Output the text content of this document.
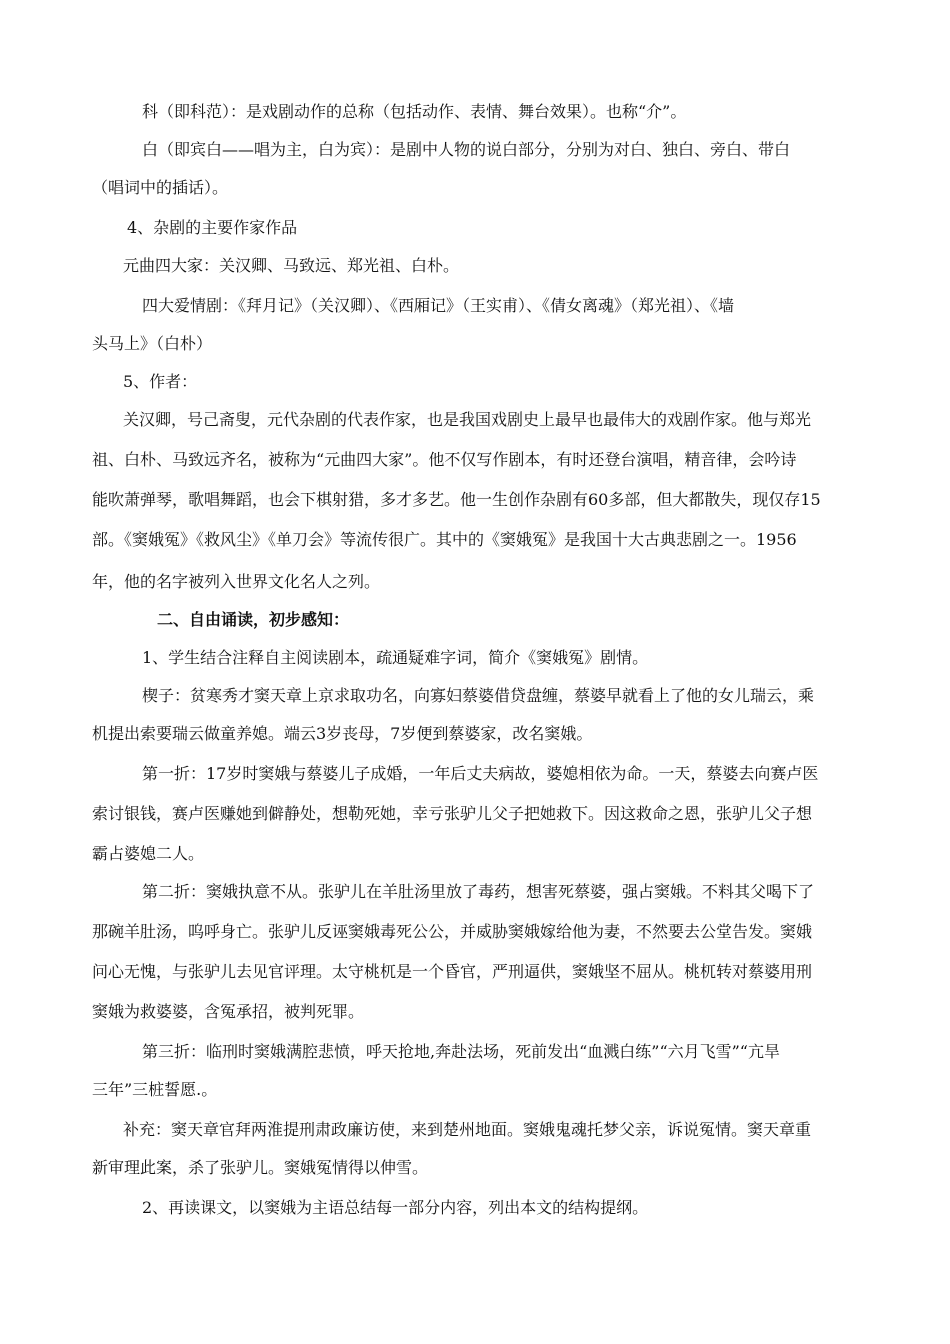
科（即科范）：是戏剧动作的总称（包括动作、表情、舞台效果）。也称“介”。
白（即宾白——唱为主，白为宾）：是剧中人物的说白部分，分别为对白、独白、旁白、带白
（唱词中的插话）。
4、杂剧的主要作家作品
元曲四大家：关汉卿、马致远、郑光祖、白朴。
四大爱情剧：《拜月记》（关汉卿）、《西厢记》（王实甫）、《倩女离魂》（郑光祖）、《墙
头马上》（白朴）
5、作者：
关汉卿，号己斋叟，元代杂剧的代表作家，也是我国戏剧史上最早也最伟大的戏剧作家。他与郑光
祖、白朴、马致远齐名，被称为“元曲四大家”。他不仅写作剧本，有时还登台演唱，精音律，会吟诗
能吹萧弹琴，歌唱舞蹈，也会下棋射猎，多才多艺。他一生创作杂剧有60多部，但大都散失，现仅存15
部。《窦娥冤》《救风尘》《单刀会》等流传很广。其中的《窦娥冤》是我国十大古典悲剧之一。1956
年，他的名字被列入世界文化名人之列。
二、自由诵读，初步感知：
1、学生结合注释自主阅读剧本，疏通疑难字词，简介《窦娥冤》剧情。
楔子：贫寒秀才窦天章上京求取功名，向寡妇蔡婆借贷盘缠，蔡婆早就看上了他的女儿瑞云，乘
机提出索要瑞云做童养媳。端云3岁丧母，7岁便到蔡婆家，改名窦娥。
第一折：17岁时窦娥与蔡婆儿子成婚，一年后丈夫病故，婆媳相依为命。一天，蔡婆去向赛卢医
索讨银钱，赛卢医赚她到僻静处，想勒死她，幸亏张驴儿父子把她救下。因这救命之恩，张驴儿父子想
霸占婆媳二人。
第二折：窦娥执意不从。张驴儿在羊肚汤里放了毒药，想害死蔡婆，强占窦娥。不料其父喝下了
那碗羊肚汤，呜呼身亡。张驴儿反诬窦娥毒死公公，并威胁窦娥嫁给他为妻，不然要去公堂告发。窦娥
问心无愧，与张驴儿去见官评理。太守桃杌是一个昏官，严刑逼供，窦娥坚不屈从。桃杌转对蔡婆用刑
窦娥为救婆婆，含冤承招，被判死罪。
第三折：临刑时窦娥满腔悲愤，呼天抢地,奔赴法场，死前发出“血溅白练”“六月飞雪”“亢旱
三年”三桩誓愿.。
补充：窦天章官拜两淮提刑肃政廉访使，来到楚州地面。窦娥鬼魂托梦父亲，诉说冤情。窦天章重
新审理此案，杀了张驴儿。窦娥冤情得以伸雪。
2、再读课文，以窦娥为主语总结每一部分内容，列出本文的结构提纲。
